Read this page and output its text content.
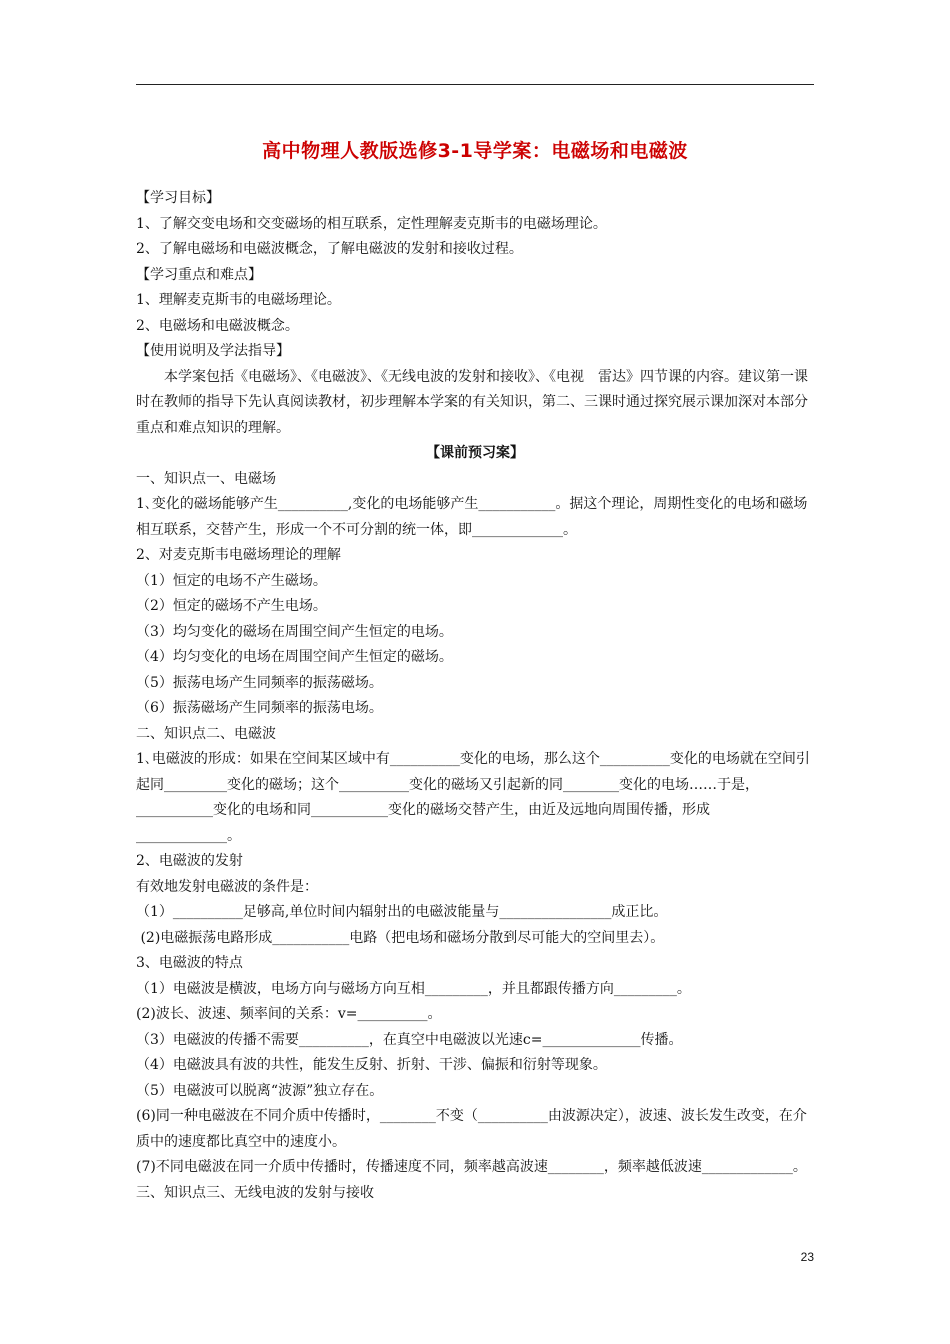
高中物理人教版选修3-1导学案：电磁场和电磁波

【学习目标】

1、了解交变电场和交变磁场的相互联系，定性理解麦克斯韦的电磁场理论。

2、了解电磁场和电磁波概念，了解电磁波的发射和接收过程。

【学习重点和难点】

1、理解麦克斯韦的电磁场理论。

2、电磁场和电磁波概念。

【使用说明及学法指导】

本学案包括《电磁场》、《电磁波》、《无线电波的发射和接收》、《电视　雷达》四节课的内容。建议第一课时在教师的指导下先认真阅读教材，初步理解本学案的有关知识，第二、三课时通过探究展示课加深对本部分重点和难点知识的理解。

【课前预习案】

一、知识点一、电磁场

1､变化的磁场能够产生__________,变化的电场能够产生___________。据这个理论，周期性变化的电场和磁场相互联系，交替产生，形成一个不可分割的统一体，即_____________。

2、对麦克斯韦电磁场理论的理解

（1）恒定的电场不产生磁场。

（2）恒定的磁场不产生电场。

（3）均匀变化的磁场在周围空间产生恒定的电场。

（4）均匀变化的电场在周围空间产生恒定的磁场。

（5）振荡电场产生同频率的振荡磁场。

（6）振荡磁场产生同频率的振荡电场。

二、知识点二、电磁波

1､电磁波的形成：如果在空间某区域中有__________变化的电场，那么这个__________变化的电场就在空间引起同_________变化的磁场；这个__________变化的磁场又引起新的同________变化的电场……于是，___________变化的电场和同___________变化的磁场交替产生，由近及远地向周围传播，形成_____________。

2、电磁波的发射

有效地发射电磁波的条件是：

（1）__________足够高,单位时间内辐射出的电磁波能量与________________成正比。

(2)电磁振荡电路形成___________电路（把电场和磁场分散到尽可能大的空间里去）。

3、电磁波的特点

（1）电磁波是横波，电场方向与磁场方向互相_________，并且都跟传播方向_________。

(2)波长、波速、频率间的关系：v=__________。

（3）电磁波的传播不需要__________，在真空中电磁波以光速c=______________传播。

（4）电磁波具有波的共性，能发生反射、折射、干涉、偏振和衍射等现象。

（5）电磁波可以脱离“波源”独立存在。

(6)同一种电磁波在不同介质中传播时，________不变（__________由波源决定），波速、波长发生改变，在介质中的速度都比真空中的速度小。

(7)不同电磁波在同一介质中传播时，传播速度不同，频率越高波速________，频率越低波速_____________。

三、知识点三、无线电波的发射与接收

23
